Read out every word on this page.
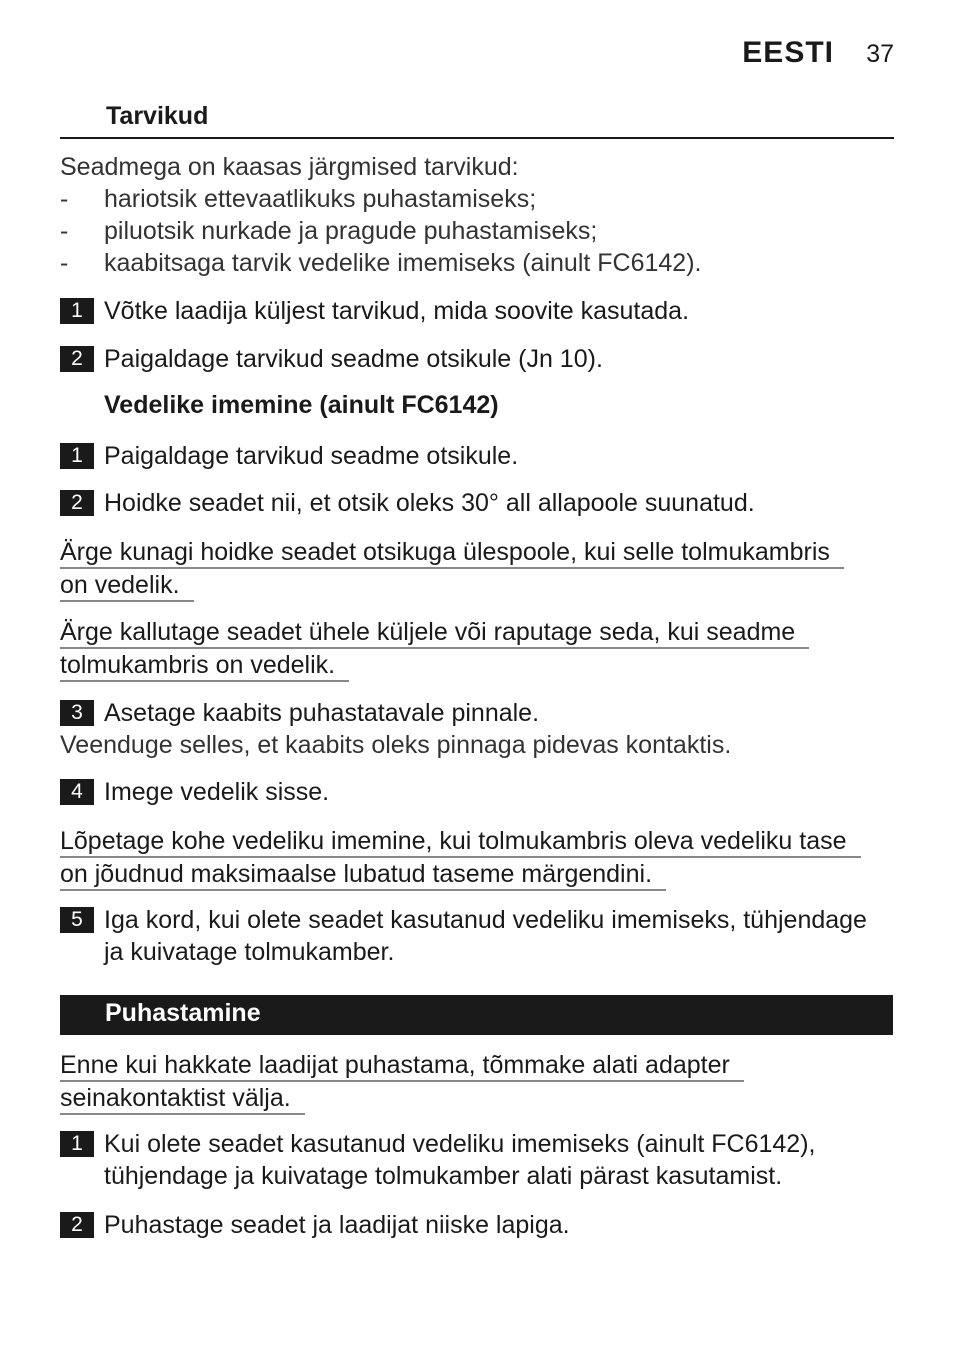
EESTI 37
Tarvikud
Seadmega on kaasas järgmised tarvikud:
- hariotsik ettevaatlikuks puhastamiseks;
- piluotsik nurkade ja pragude puhastamiseks;
- kaabitsaga tarvik vedelike imemiseks (ainult FC6142).
1 Võtke laadija küljest tarvikud, mida soovite kasutada.
2 Paigaldage tarvikud seadme otsikule (Jn 10).
Vedelike imemine (ainult FC6142)
1 Paigaldage tarvikud seadme otsikule.
2 Hoidke seadet nii, et otsik oleks 30° all allapoole suunatud.
Ärge kunagi hoidke seadet otsikuga ülespoole, kui selle tolmukambris
on vedelik.
Ärge kallutage seadet ühele küljele või raputage seda, kui seadme
tolmukambris on vedelik.
3 Asetage kaabits puhastatavale pinnale.
Veenduge selles, et kaabits oleks pinnaga pidevas kontaktis.
4 Imege vedelik sisse.
Lõpetage kohe vedeliku imemine, kui tolmukambris oleva vedeliku tase
on jõudnud maksimaalse lubatud taseme märgendini.
5 Iga kord, kui olete seadet kasutanud vedeliku imemiseks, tühjendage
ja kuivatage tolmukamber.
Puhastamine
Enne kui hakkate laadijat puhastama, tõmmake alati adapter
seinakontaktist välja.
1 Kui olete seadet kasutanud vedeliku imemiseks (ainult FC6142),
tühjendage ja kuivatage tolmukamber alati pärast kasutamist.
2 Puhastage seadet ja laadijat niiske lapiga.
